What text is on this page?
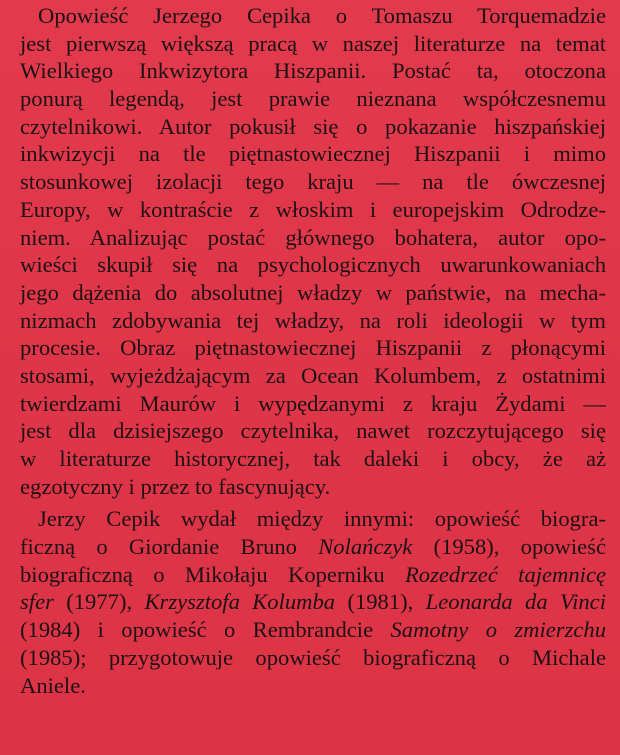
Opowieść Jerzego Cepika o Tomaszu Torquemadzie
jest pierwszą większą pracą w naszej literaturze na temat
Wielkiego Inkwizytora Hiszpanii. Postać ta, otoczona
ponurą legendą, jest prawie nieznana współczesnemu
czytelnikowi. Autor pokusił się o pokazanie hiszpańskiej
inkwizycji na tle piętnastowiecznej Hiszpanii i mimo
stosunkowej izolacji tego kraju — na tle ówczesnej
Europy, w kontraście z włoskim i europejskim Odrodze-
niem. Analizując postać głównego bohatera, autor opo-
wieści skupił się na psychologicznych uwarunkowaniach
jego dążenia do absolutnej władzy w państwie, na mecha-
nizmach zdobywania tej władzy, na roli ideologii w tym
procesie. Obraz piętnastowiecznej Hiszpanii z płonącymi
stosami, wyjeżdżającym za Ocean Kolumbem, z ostatnimi
twierdzami Maurów i wypędzanymi z kraju Żydami —
jest dla dzisiejszego czytelnika, nawet rozczytującego się
w literaturze historycznej, tak daleki i obcy, że aż
egzotyczny i przez to fascynujący.
Jerzy Cepik wydał między innymi: opowieść biogra-
ficzną o Giordanie Bruno Nolańczyk (1958), opowieść
biograficzną o Mikołaju Koperniku Rozedrzeć tajemnicę
sfer (1977), Krzysztofa Kolumba (1981), Leonarda da Vinci
(1984) i opowieść o Rembrandcie Samotny o zmierzchu
(1985); przygotowuje opowieść biograficzną o Michale
Aniele.
